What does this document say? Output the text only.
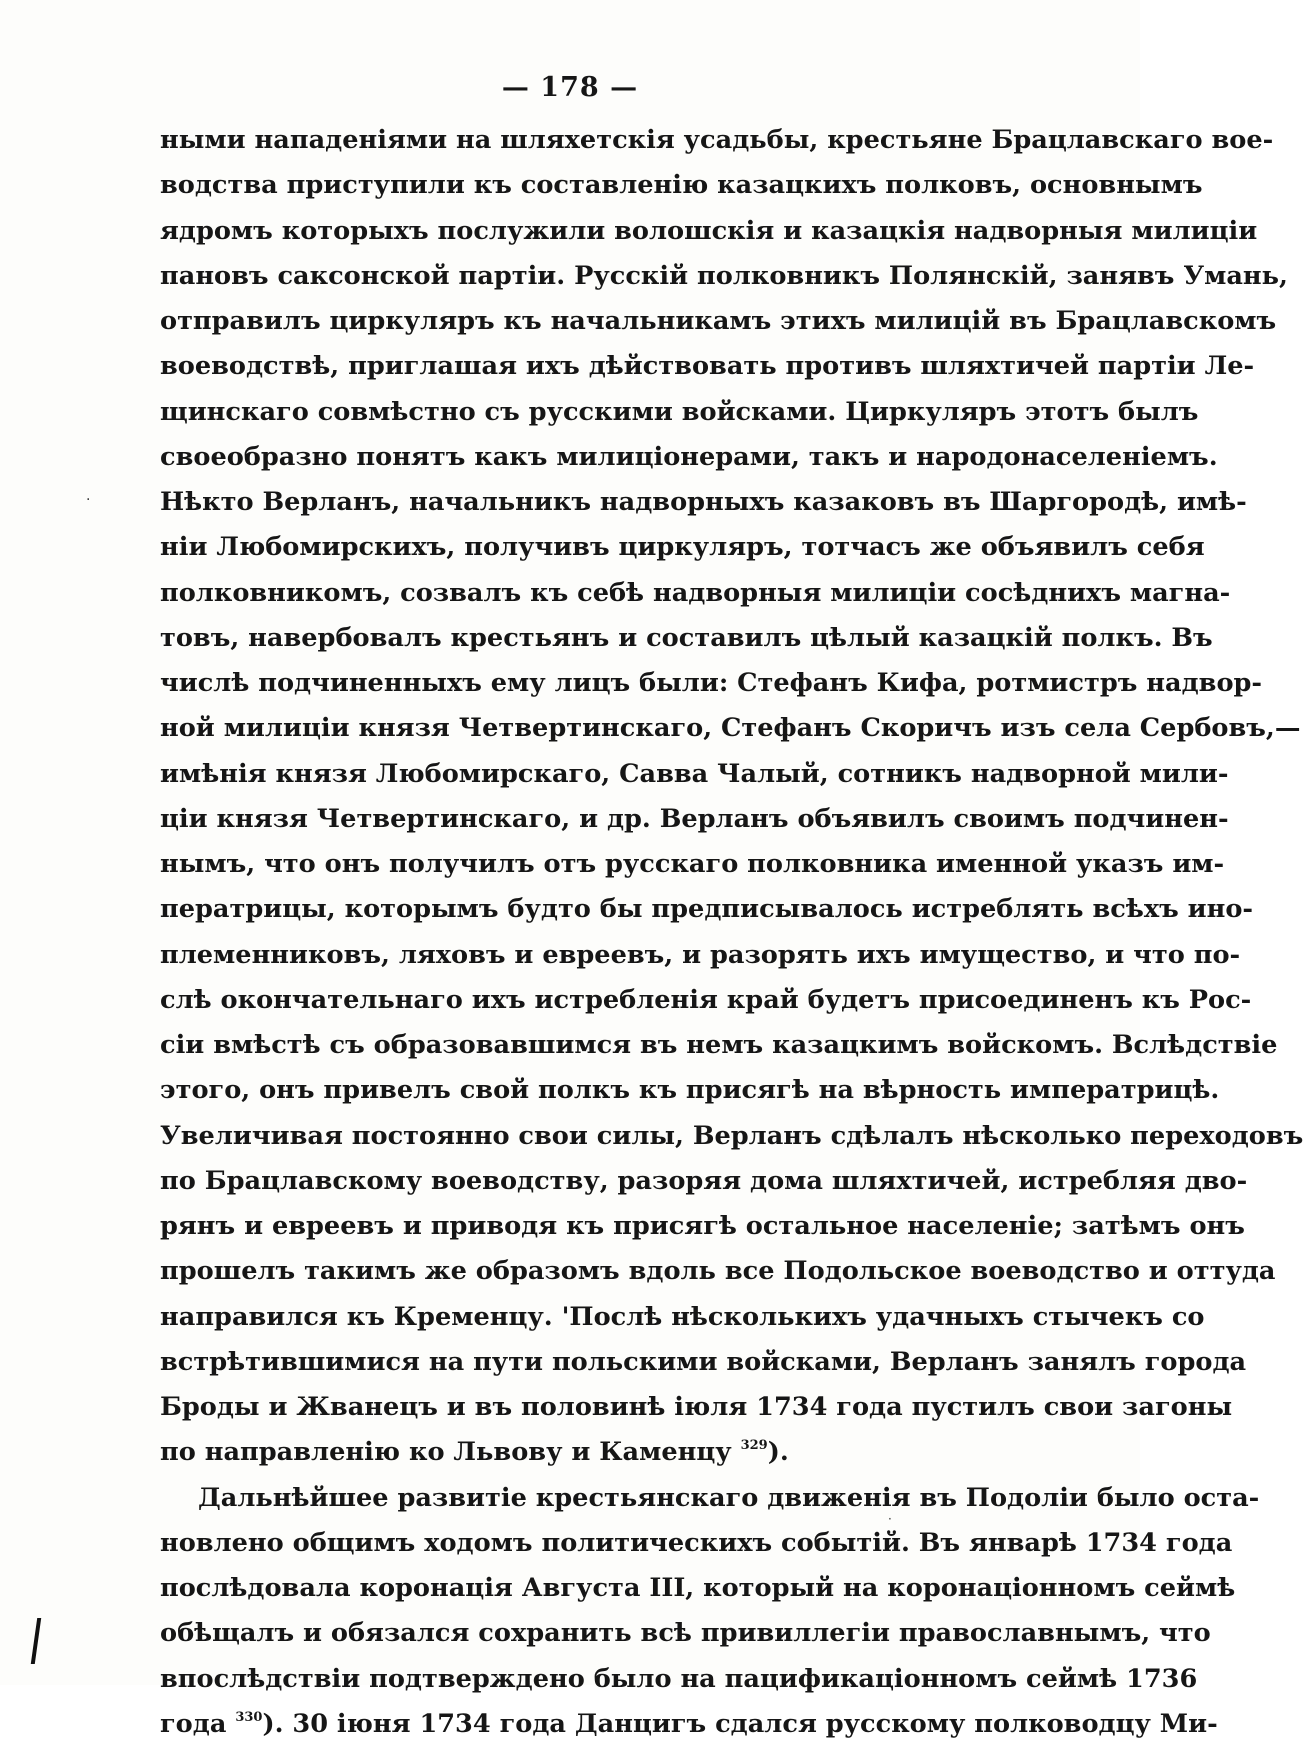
— 178 —
ными нападеніями на шляхетскія усадьбы, крестьяне Брацлавскаго вое-
водства приступили къ составленію казацкихъ полковъ, основнымъ
ядромъ которыхъ послужили волошскія и казацкія надворныя милиціи
пановъ саксонской партіи. Русскій полковникъ Полянскій, занявъ Умань,
отправилъ циркуляръ къ начальникамъ этихъ милицій въ Брацлавскомъ
воеводствѣ, приглашая ихъ дѣйствовать противъ шляхтичей партіи Ле-
щинскаго совмѣстно съ русскими войсками. Циркуляръ этотъ былъ
своеобразно понятъ какъ милиціонерами, такъ и народонаселеніемъ.
Нѣкто Верланъ, начальникъ надворныхъ казаковъ въ Шаргородѣ, имѣ-
ніи Любомирскихъ, получивъ циркуляръ, тотчасъ же объявилъ себя
полковникомъ, созвалъ къ себѣ надворныя милиціи сосѣднихъ магна-
товъ, навербовалъ крестьянъ и составилъ цѣлый казацкій полкъ. Въ
числѣ подчиненныхъ ему лицъ были: Стефанъ Кифа, ротмистръ надвор-
ной милиціи князя Четвертинскаго, Стефанъ Скоричъ изъ села Сербовъ,—
имѣнія князя Любомирскаго, Савва Чалый, сотникъ надворной мили-
ціи князя Четвертинскаго, и др. Верланъ объявилъ своимъ подчинен-
нымъ, что онъ получилъ отъ русскаго полковника именной указъ им-
ператрицы, которымъ будто бы предписывалось истреблять всѣхъ ино-
племенниковъ, ляховъ и евреевъ, и разорять ихъ имущество, и что по-
слѣ окончательнаго ихъ истребленія край будетъ присоединенъ къ Рос-
сіи вмѣстѣ съ образовавшимся въ немъ казацкимъ войскомъ. Вслѣдствіе
этого, онъ привелъ свой полкъ къ присягѣ на вѣрность императрицѣ.
Увеличивая постоянно свои силы, Верланъ сдѣлалъ нѣсколько переходовъ
по Брацлавскому воеводству, разоряя дома шляхтичей, истребляя дво-
рянъ и евреевъ и приводя къ присягѣ остальное населеніе; затѣмъ онъ
прошелъ такимъ же образомъ вдоль все Подольское воеводство и оттуда
направился къ Кременцу. 'Послѣ нѣсколькихъ удачныхъ стычекъ со
встрѣтившимися на пути польскими войсками, Верланъ занялъ города
Броды и Жванецъ и въ половинѣ іюля 1734 года пустилъ свои загоны
по направленію ко Львову и Каменцу $^{329}$).
Дальнѣйшее развитіе крестьянскаго движенія въ Подоліи было оста-
новлено общимъ ходомъ политическихъ событій. Въ январѣ 1734 года
послѣдовала коронація Августа III, который на коронаціонномъ сеймѣ
обѣщалъ и обязался сохранить всѣ привиллегіи православнымъ, что
впослѣдствіи подтверждено было на пацификаціонномъ сеймѣ 1736
года $^{330}$). 30 іюня 1734 года Данцигъ сдался русскому полководцу Ми-
·
·
